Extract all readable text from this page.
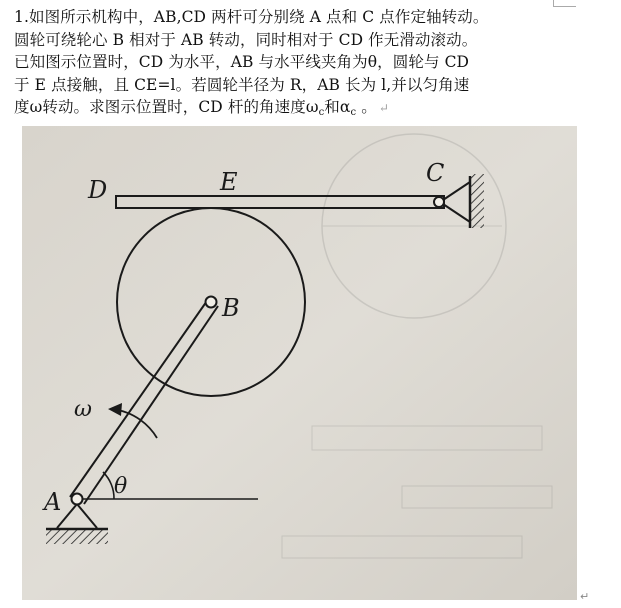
1.如图所示机构中，AB,CD 两杆可分别绕 A 点和 C 点作定轴转动。
圆轮可绕轮心 B 相对于 AB 转动，同时相对于 CD 作无滑动滚动。
已知图示位置时，CD 为水平，AB 与水平线夹角为θ，圆轮与 CD
于 E 点接触，且 CE=l。若圆轮半径为 R，AB 长为 l,并以匀角速
度ω转动。求图示位置时，CD 杆的角速度$\omega_c$和$\alpha_c$ 。 ↵
D	E	C
B
A
ω
θ
↵
